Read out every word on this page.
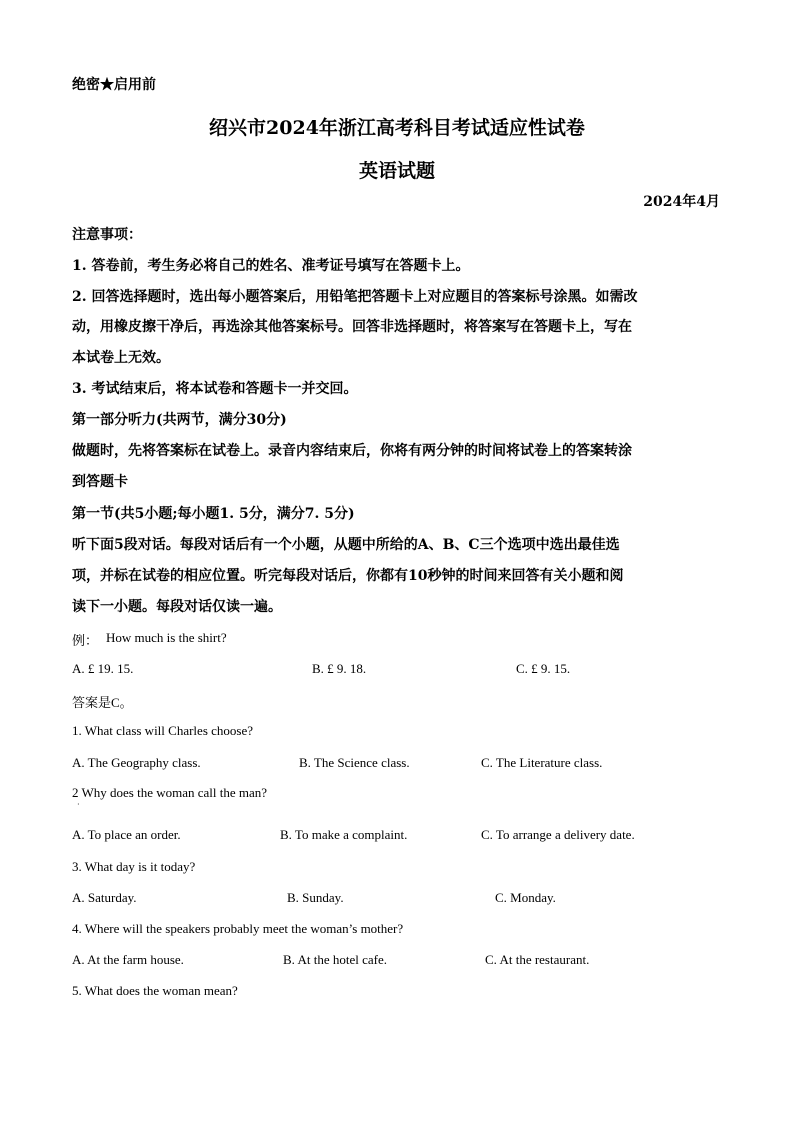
绝密★启用前
绍兴市2024年浙江高考科目考试适应性试卷
英语试题
2024年4月
注意事项：
1. 答卷前，考生务必将自己的姓名、准考证号填写在答题卡上。
2. 回答选择题时，选出每小题答案后，用铅笔把答题卡上对应题目的答案标号涂黑。如需改
动，用橡皮擦干净后，再选涂其他答案标号。回答非选择题时，将答案写在答题卡上，写在
本试卷上无效。
3. 考试结束后，将本试卷和答题卡一并交回。
第一部分听力(共两节，满分30分)
做题时，先将答案标在试卷上。录音内容结束后，你将有两分钟的时间将试卷上的答案转涂
到答题卡
第一节(共5小题;每小题1. 5分，满分7. 5分)
听下面5段对话。每段对话后有一个小题，从题中所给的A、B、C三个选项中选出最佳选
项，并标在试卷的相应位置。听完每段对话后，你都有10秒钟的时间来回答有关小题和阅
读下一小题。每段对话仅读一遍。
例： How much is the shirt?
A. £ 19. 15.	B. £ 9. 18.	C. £ 9. 15.
答案是C。
1. What class will Charles choose?
A. The Geography class.	B. The Science class.	C. The Literature class.
2 Why does the woman call the man?
·
A. To place an order.	B. To make a complaint.	C. To arrange a delivery date.
3. What day is it today?
A. Saturday.	B. Sunday.	C. Monday.
4. Where will the speakers probably meet the woman’s mother?
A. At the farm house.	B. At the hotel cafe.	C. At the restaurant.
5. What does the woman mean?
